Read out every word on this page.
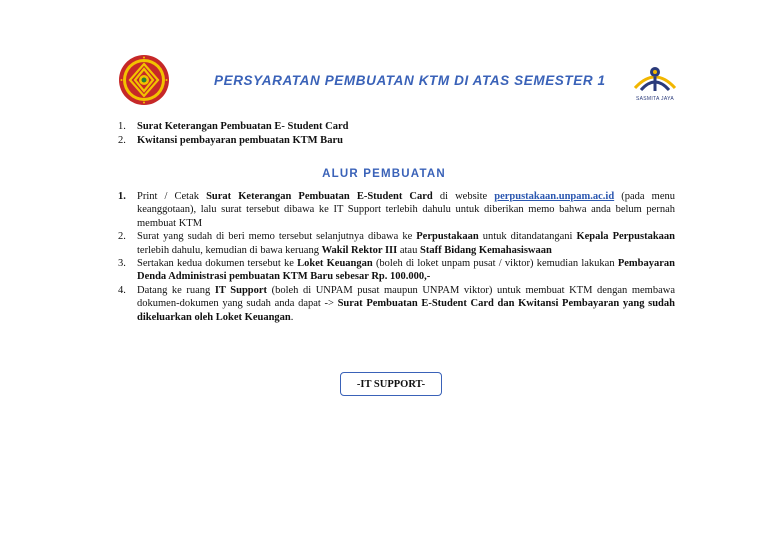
PERSYARATAN PEMBUATAN KTM DI ATAS SEMESTER 1
SASMITA JAYA
1.	Surat Keterangan Pembuatan E- Student Card
2.	Kwitansi pembayaran pembuatan KTM Baru
ALUR PEMBUATAN
1.	Print / Cetak Surat Keterangan Pembuatan E-Student Card di website perpustakaan.unpam.ac.id (pada menu keanggotaan), lalu surat tersebut dibawa ke IT Support terlebih dahulu untuk diberikan memo bahwa anda belum pernah membuat KTM
2.	Surat yang sudah di beri memo tersebut selanjutnya dibawa ke Perpustakaan untuk ditandatangani Kepala Perpustakaan terlebih dahulu, kemudian di bawa keruang Wakil Rektor III atau Staff Bidang Kemahasiswaan
3.	Sertakan kedua dokumen tersebut ke Loket Keuangan (boleh di loket unpam pusat / viktor) kemudian lakukan Pembayaran Denda Administrasi pembuatan KTM Baru sebesar Rp. 100.000,-
4.	Datang ke ruang IT Support (boleh di UNPAM pusat maupun UNPAM viktor) untuk membuat KTM dengan membawa dokumen-dokumen yang sudah anda dapat -> Surat Pembuatan E-Student Card dan Kwitansi Pembayaran yang sudah dikeluarkan oleh Loket Keuangan.
-IT SUPPORT-
